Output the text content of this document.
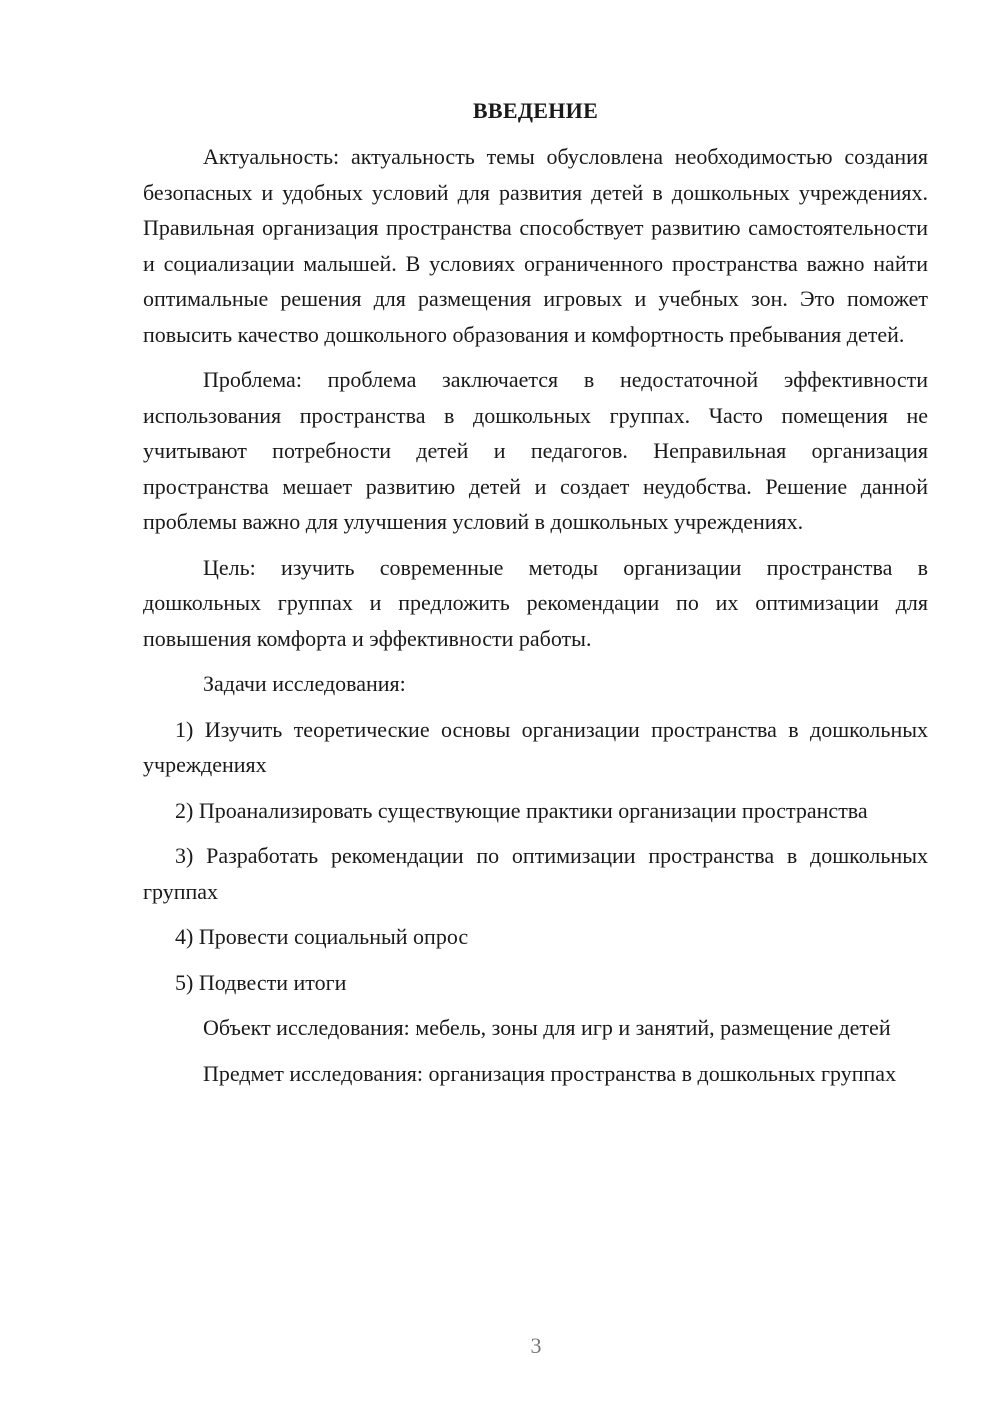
ВВЕДЕНИЕ

Актуальность: актуальность темы обусловлена необходимостью создания безопасных и удобных условий для развития детей в дошкольных учреждениях. Правильная организация пространства способствует развитию самостоятельности и социализации малышей. В условиях ограниченного пространства важно найти оптимальные решения для размещения игровых и учебных зон. Это поможет повысить качество дошкольного образования и комфортность пребывания детей.

Проблема: проблема заключается в недостаточной эффективности использования пространства в дошкольных группах. Часто помещения не учитывают потребности детей и педагогов. Неправильная организация пространства мешает развитию детей и создает неудобства. Решение данной проблемы важно для улучшения условий в дошкольных учреждениях.

Цель: изучить современные методы организации пространства в дошкольных группах и предложить рекомендации по их оптимизации для повышения комфорта и эффективности работы.

Задачи исследования:

1) Изучить теоретические основы организации пространства в дошкольных учреждениях

2) Проанализировать существующие практики организации пространства

3) Разработать рекомендации по оптимизации пространства в дошкольных группах

4) Провести социальный опрос

5) Подвести итоги

Объект исследования: мебель, зоны для игр и занятий, размещение детей

Предмет исследования: организация пространства в дошкольных группах

3
